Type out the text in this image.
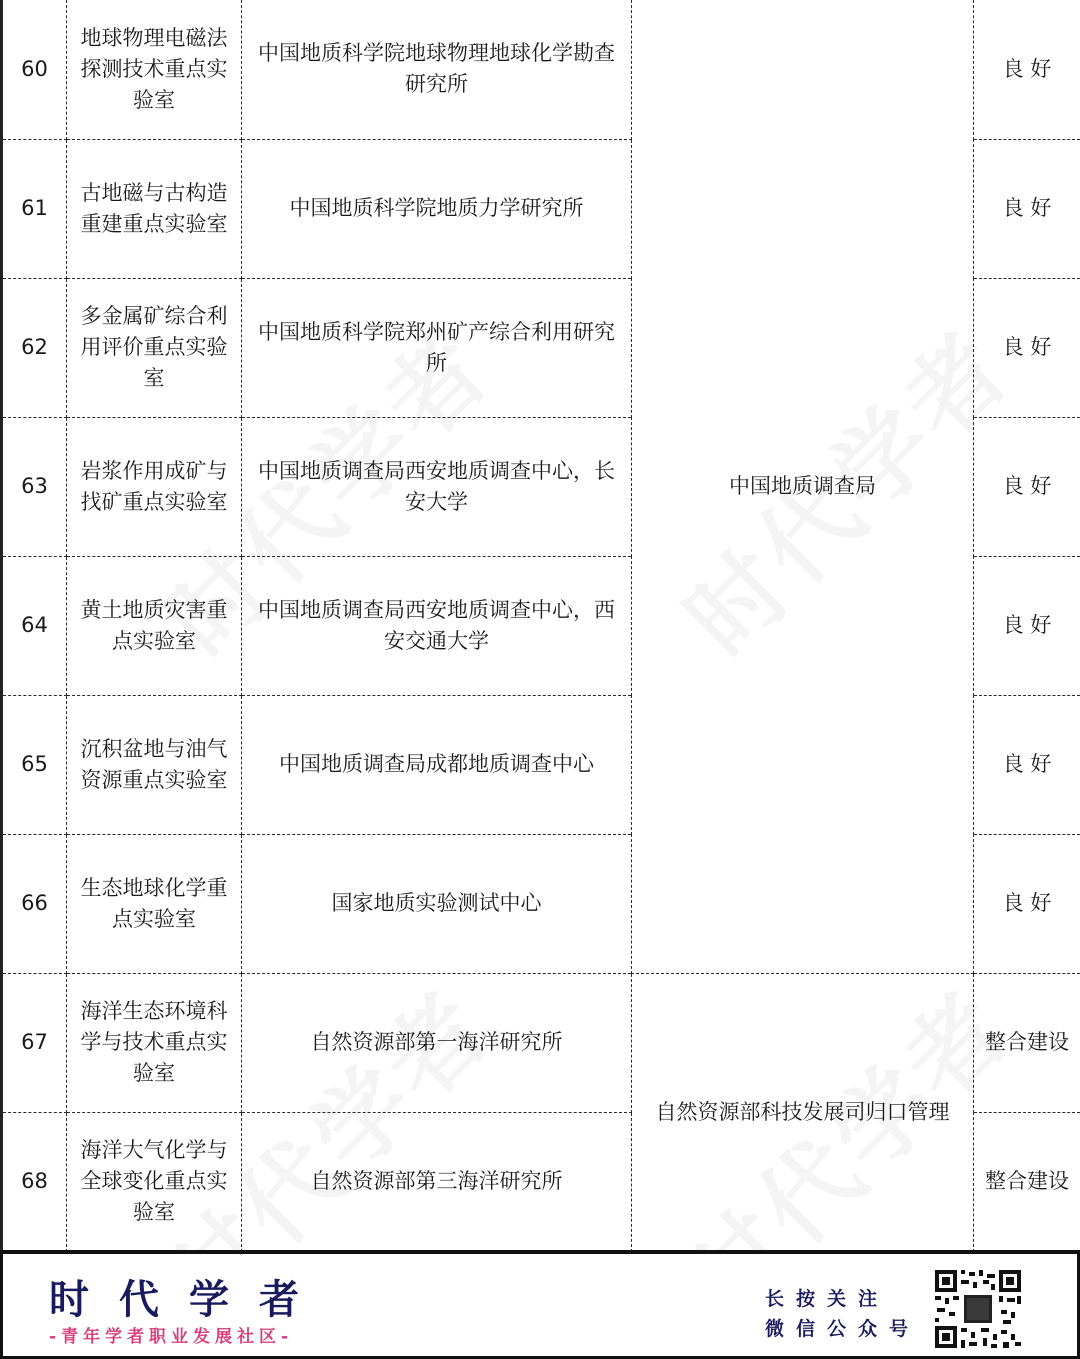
60	地球物理电磁法探测技术重点实验室	中国地质科学院地球物理地球化学勘查研究所	中国地质调查局	良 好
61	古地磁与古构造重建重点实验室	中国地质科学院地质力学研究所		良 好
62	多金属矿综合利用评价重点实验室	中国地质科学院郑州矿产综合利用研究所		良 好
63	岩浆作用成矿与找矿重点实验室	中国地质调查局西安地质调查中心，长安大学		良 好
64	黄土地质灾害重点实验室	中国地质调查局西安地质调查中心，西安交通大学		良 好
65	沉积盆地与油气资源重点实验室	中国地质调查局成都地质调查中心		良 好
66	生态地球化学重点实验室	国家地质实验测试中心		良 好
67	海洋生态环境科学与技术重点实验室	自然资源部第一海洋研究所	自然资源部科技发展司归口管理	整合建设
68	海洋大气化学与全球变化重点实验室	自然资源部第三海洋研究所		整合建设
时代学者
-青年学者职业发展社区-
长按关注
微信公众号
